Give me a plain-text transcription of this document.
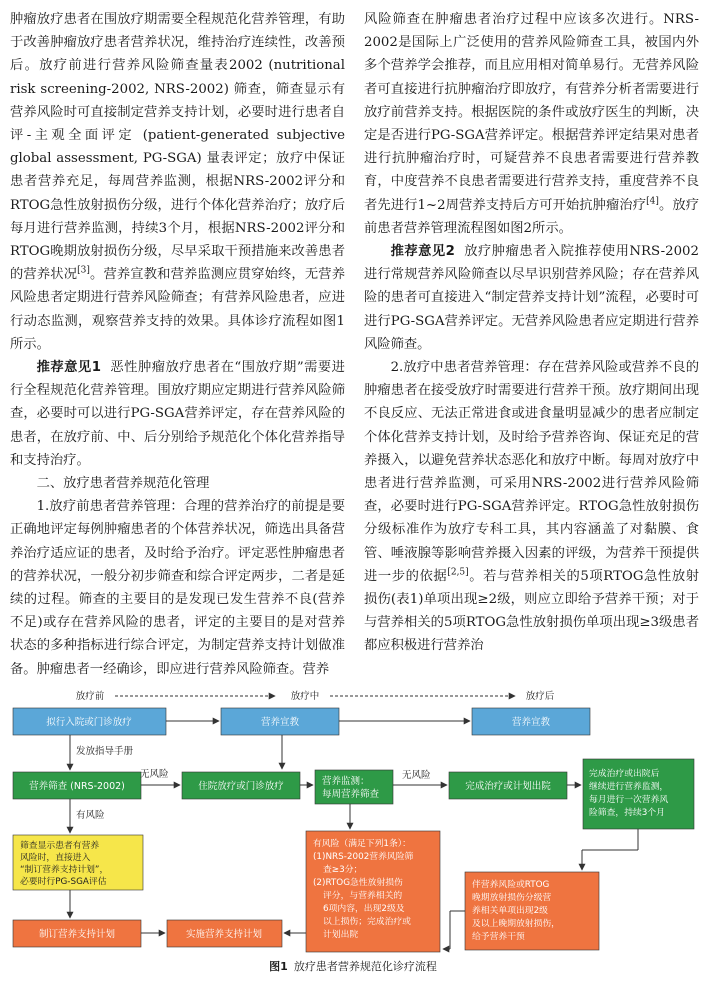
肿瘤放疗患者在围放疗期需要全程规范化营养管理，有助于改善肿瘤放疗患者营养状况，维持治疗连续性，改善预后。放疗前进行营养风险筛查量表2002 (nutritional risk screening-2002, NRS-2002) 筛查，筛查显示有营养风险时可直接制定营养支持计划，必要时进行患者自评-主观全面评定 (patient-generated subjective global assessment, PG-SGA) 量表评定；放疗中保证患者营养充足，每周营养监测，根据NRS-2002评分和RTOG急性放射损伤分级，进行个体化营养治疗；放疗后每月进行营养监测，持续3个月，根据NRS-2002评分和RTOG晚期放射损伤分级，尽早采取干预措施来改善患者的营养状况[3]。营养宣教和营养监测应贯穿始终，无营养风险患者定期进行营养风险筛查；有营养风险患者，应进行动态监测，观察营养支持的效果。具体诊疗流程如图1所示。

推荐意见1 恶性肿瘤放疗患者在“围放疗期”需要进行全程规范化营养管理。围放疗期应定期进行营养风险筛查，必要时可以进行PG-SGA营养评定，存在营养风险的患者，在放疗前、中、后分别给予规范化个体化营养指导和支持治疗。

二、放疗患者营养规范化管理

1.放疗前患者营养管理：合理的营养治疗的前提是要正确地评定每例肿瘤患者的个体营养状况，筛选出具备营养治疗适应证的患者，及时给予治疗。评定恶性肿瘤患者的营养状况，一般分初步筛查和综合评定两步，二者是延续的过程。筛查的主要目的是发现已发生营养不良(营养不足)或存在营养风险的患者，评定的主要目的是对营养状态的多种指标进行综合评定，为制定营养支持计划做准备。肿瘤患者一经确诊，即应进行营养风险筛查。营养

风险筛查在肿瘤患者治疗过程中应该多次进行。NRS-2002是国际上广泛使用的营养风险筛查工具，被国内外多个营养学会推荐，而且应用相对简单易行。无营养风险者可直接进行抗肿瘤治疗即放疗，有营养分析者需要进行放疗前营养支持。根据医院的条件或放疗医生的判断，决定是否进行PG-SGA营养评定。根据营养评定结果对患者进行抗肿瘤治疗时，可疑营养不良患者需要进行营养教育，中度营养不良患者需要进行营养支持，重度营养不良者先进行1~2周营养支持后方可开始抗肿瘤治疗[4]。放疗前患者营养管理流程图如图2所示。

推荐意见2 放疗肿瘤患者入院推荐使用NRS-2002进行常规营养风险筛查以尽早识别营养风险；存在营养风险的患者可直接进入“制定营养支持计划”流程，必要时可进行PG-SGA营养评定。无营养风险患者应定期进行营养风险筛查。

2.放疗中患者营养管理：存在营养风险或营养不良的肿瘤患者在接受放疗时需要进行营养干预。放疗期间出现不良反应、无法正常进食或进食量明显减少的患者应制定个体化营养支持计划，及时给予营养咨询、保证充足的营养摄入，以避免营养状态恶化和放疗中断。每周对放疗中患者进行营养监测，可采用NRS-2002进行营养风险筛查，必要时进行PG-SGA营养评定。RTOG急性放射损伤分级标准作为放疗专科工具，其内容涵盖了对黏膜、食管、唾液腺等影响营养摄入因素的评级，为营养干预提供进一步的依据[2,5]。若与营养相关的5项RTOG急性放射损伤(表1)单项出现≥2级，则应立即给予营养干预；对于与营养相关的5项RTOG急性放射损伤单项出现≥3级患者都应积极进行营养治

放疗前	放疗中	放疗后
拟行入院或门诊放疗	营养宣教	营养宣教
发放指导手册
营养筛查 (NRS-2002)
无风险
住院放疗或门诊放疗	营养监测：
每周营养筛查
无风险
完成治疗或计划出院
完成治疗或出院后 继续进行营养监测， 每月进行一次营养风 险筛查，持续3个月
有风险
筛查显示患者有营养 风险时，直接进入 “制订营养支持计划”， 必要时行PG-SGA评估
有风险（满足下列1条）： (1)NRS-2002营养风险筛 查≥3分； (2)RTOG急性放射损伤 评分，与营养相关的 6项内容，出现2级及 以上损伤；完成治疗或 计划出院
伴营养风险或RTOG 晚期放射损伤分级营 养相关单项出现2级 及以上晚期放射损伤， 给予营养干预
制订营养支持计划	实施营养支持计划
图1 放疗患者营养规范化诊疗流程
